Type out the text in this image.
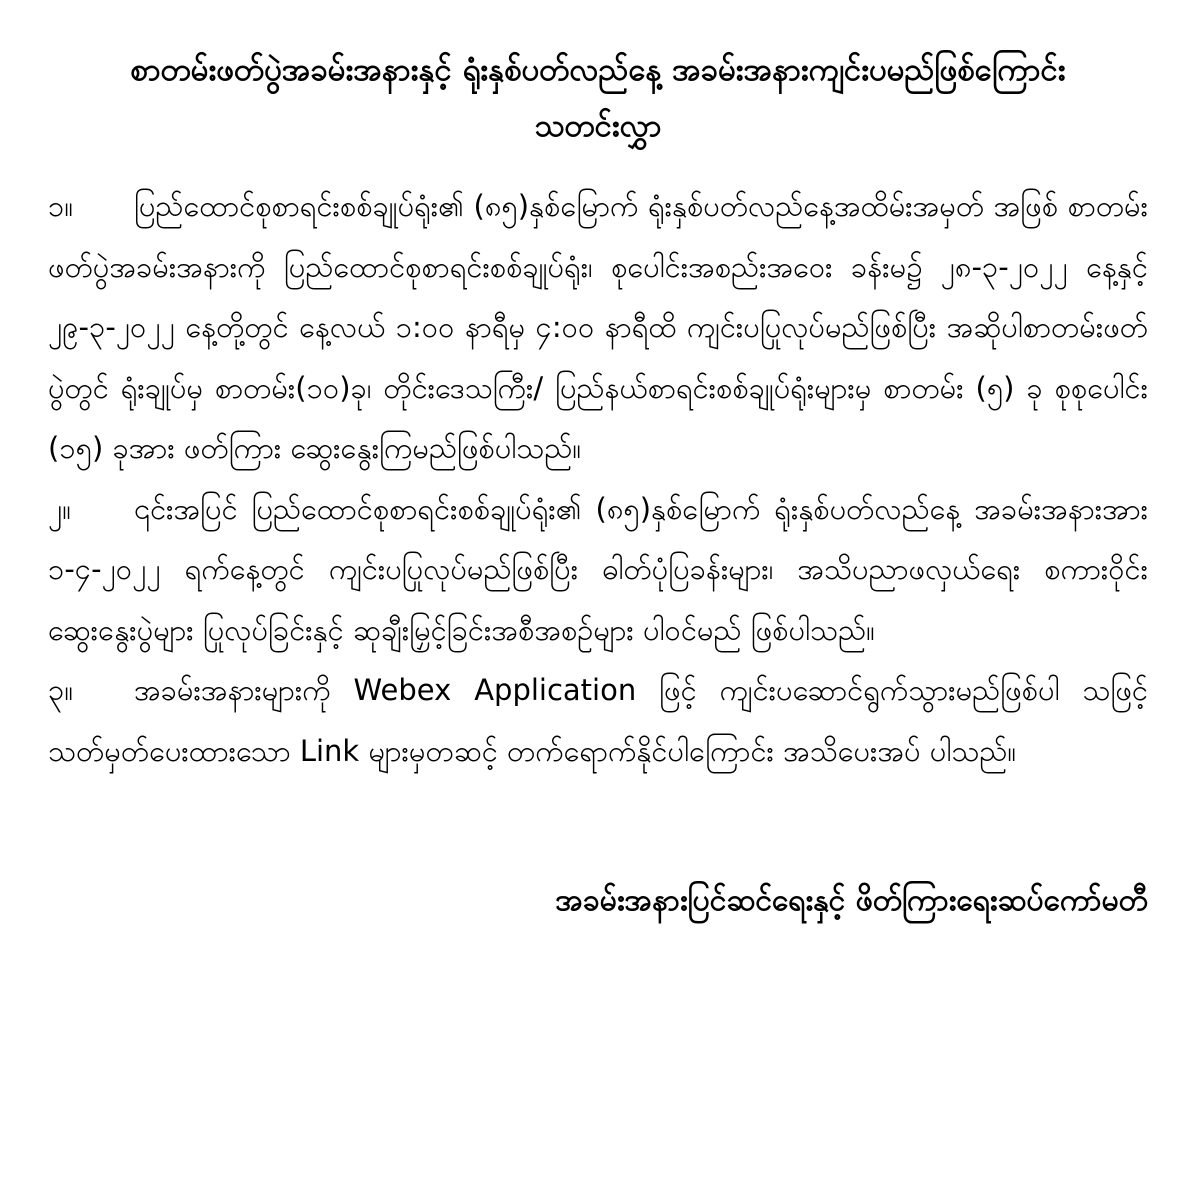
စာတမ်းဖတ်ပွဲအခမ်းအနားနှင့် ရုံးနှစ်ပတ်လည်နေ့ အခမ်းအနားကျင်းပမည်ဖြစ်ကြောင်း
သတင်းလွှာ

၁။ ပြည်ထောင်စုစာရင်းစစ်ချုပ်ရုံး၏ (၈၅)နှစ်မြောက် ရုံးနှစ်ပတ်လည်နေ့အထိမ်းအမှတ် အဖြစ် စာတမ်းဖတ်ပွဲအခမ်းအနားကို ပြည်ထောင်စုစာရင်းစစ်ချုပ်ရုံး၊ စုပေါင်းအစည်းအဝေး ခန်းမ၌ ၂၈-၃-၂၀၂၂ နေ့နှင့် ၂၉-၃-၂၀၂၂ နေ့တို့တွင် နေ့လယ် ၁:၀၀ နာရီမှ ၄:၀၀ နာရီထိ ကျင်းပပြုလုပ်မည်ဖြစ်ပြီး အဆိုပါစာတမ်းဖတ်ပွဲတွင် ရုံးချုပ်မှ စာတမ်း(၁၀)ခု၊ တိုင်းဒေသကြီး/ ပြည်နယ်စာရင်းစစ်ချုပ်ရုံးများမှ စာတမ်း (၅) ခု စုစုပေါင်း (၁၅) ခုအား ဖတ်ကြား ဆွေးနွေးကြမည်ဖြစ်ပါသည်။

၂။ ၎င်းအပြင် ပြည်ထောင်စုစာရင်းစစ်ချုပ်ရုံး၏ (၈၅)နှစ်မြောက် ရုံးနှစ်ပတ်လည်နေ့ အခမ်းအနားအား ၁-၄-၂၀၂၂ ရက်နေ့တွင် ကျင်းပပြုလုပ်မည်ဖြစ်ပြီး ဓါတ်ပုံပြခန်းများ၊ အသိပညာဖလှယ်ရေး စကားဝိုင်းဆွေးနွေးပွဲများ ပြုလုပ်ခြင်းနှင့် ဆုချီးမြှင့်ခြင်းအစီအစဉ်များ ပါဝင်မည် ဖြစ်ပါသည်။

၃။ အခမ်းအနားများကို Webex Application ဖြင့် ကျင်းပဆောင်ရွက်သွားမည်ဖြစ်ပါ သဖြင့် သတ်မှတ်ပေးထားသော Link များမှတဆင့် တက်ရောက်နိုင်ပါကြောင်း အသိပေးအပ် ပါသည်။

အခမ်းအနားပြင်ဆင်ရေးနှင့် ဖိတ်ကြားရေးဆပ်ကော်မတီ
